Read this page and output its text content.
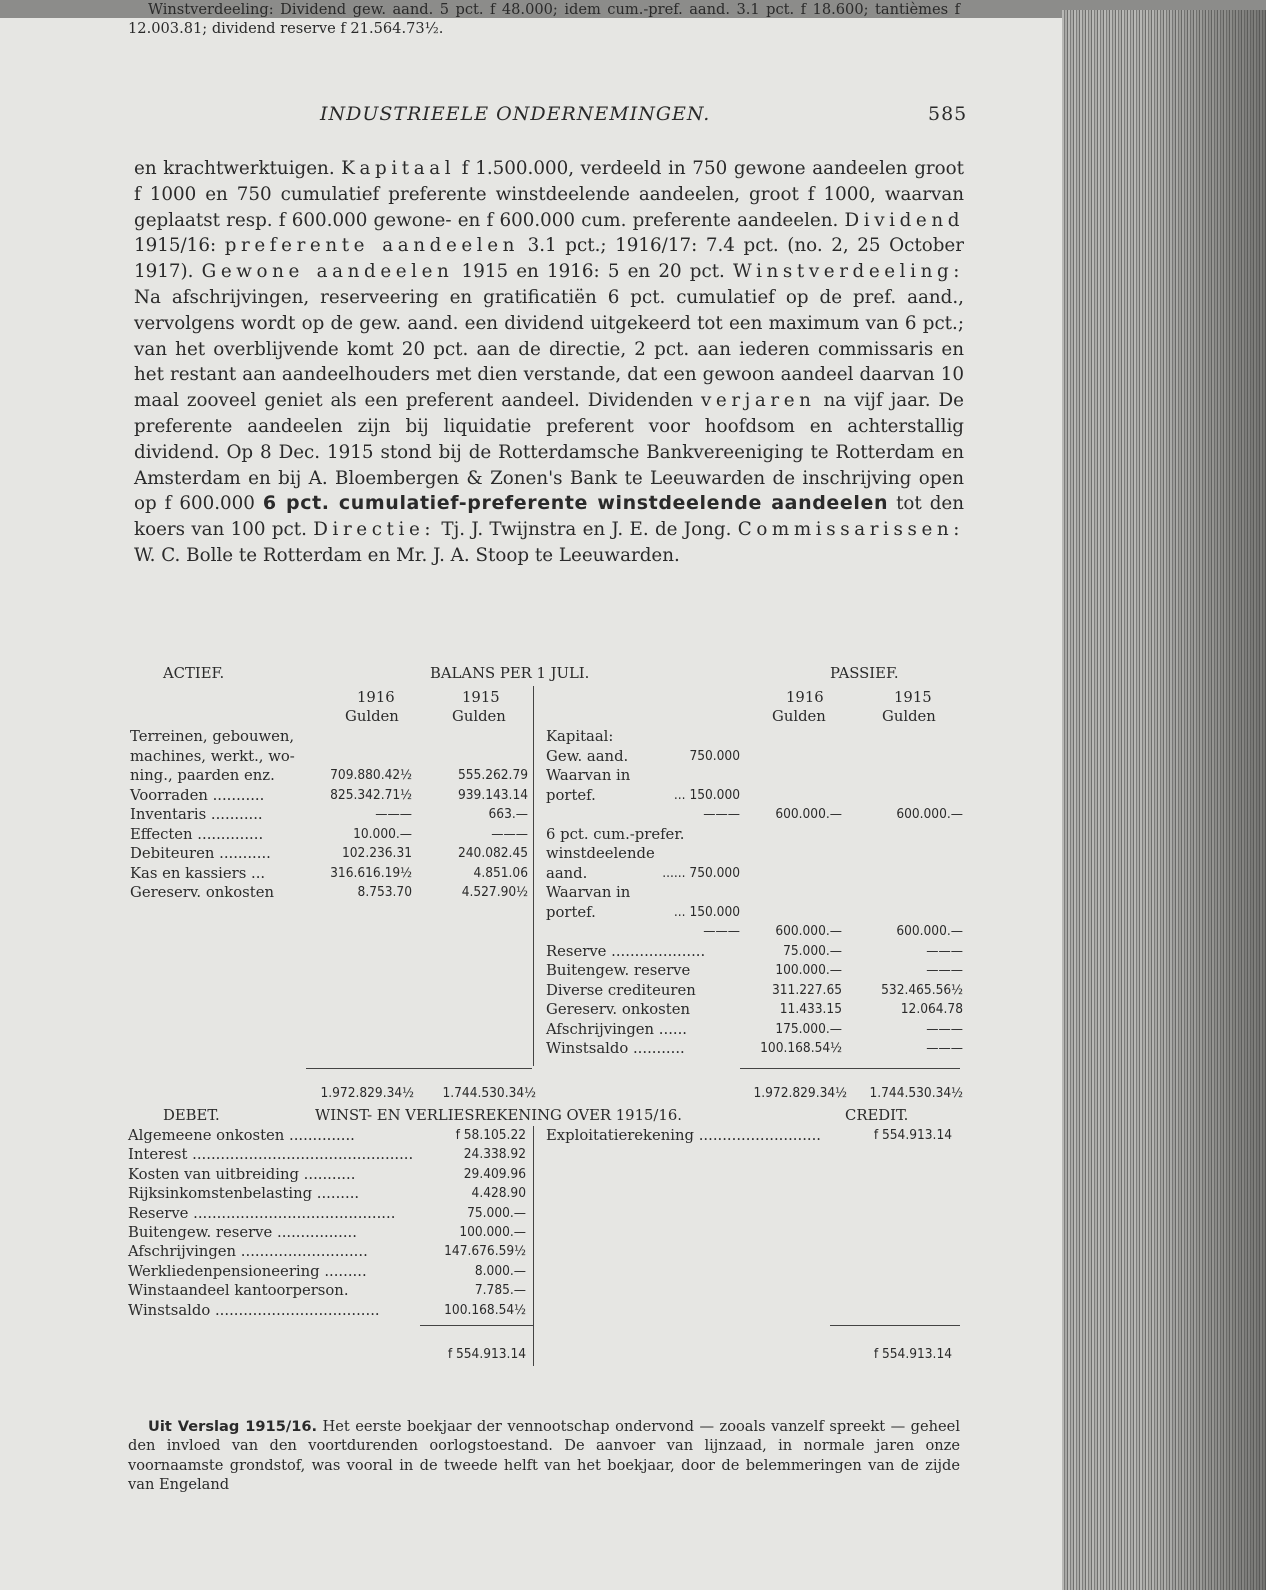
INDUSTRIEELE ONDERNEMINGEN.	585
en krachtwerktuigen. Kapitaal f 1.500.000, verdeeld in 750 gewone aandeelen groot f 1000 en 750 cumulatief preferente winstdeelende aandeelen, groot f 1000, waarvan geplaatst resp. f 600.000 gewone- en f 600.000 cum. preferente aandeelen. Dividend 1915/16: preferente aandeelen 3.1 pct.; 1916/17: 7.4 pct. (no. 2, 25 October 1917). Gewone aandeelen 1915 en 1916: 5 en 20 pct. Winstverdeeling: Na afschrijvingen, reserveering en gratificatiën 6 pct. cumulatief op de pref. aand., vervolgens wordt op de gew. aand. een dividend uitgekeerd tot een maximum van 6 pct.; van het overblijvende komt 20 pct. aan de directie, 2 pct. aan iederen commissaris en het restant aan aandeelhouders met dien verstande, dat een gewoon aandeel daarvan 10 maal zooveel geniet als een preferent aandeel. Dividenden verjaren na vijf jaar. De preferente aandeelen zijn bij liquidatie preferent voor hoofdsom en achterstallig dividend. Op 8 Dec. 1915 stond bij de Rotterdamsche Bankvereeniging te Rotterdam en Amsterdam en bij A. Bloembergen & Zonen's Bank te Leeuwarden de inschrijving open op f 600.000 6 pct. cumulatief-preferente winstdeelende aandeelen tot den koers van 100 pct. Directie: Tj. J. Twijnstra en J. E. de Jong. Commissarissen: W. C. Bolle te Rotterdam en Mr. J. A. Stoop te Leeuwarden.
ACTIEF.	BALANS PER 1 JULI.	PASSIEF.
1916	1915
Gulden	Gulden
1916	1915
Gulden	Gulden
Terreinen, gebouwen,
machines, werkt., wo-
ning., paarden enz.	709.880.42½	555.262.79
Voorraden ...........	825.342.71½	939.143.14
Inventaris ...........	———	663.—
Effecten ..............	10.000.—	———
Debiteuren ...........	102.236.31	240.082.45
Kas en kassiers ...	316.616.19½	4.851.06
Gereserv. onkosten	8.753.70	4.527.90½
Kapitaal:
Gew. aand.	750.000
Waarvan in
portef.	... 150.000
———	600.000.—	600.000.—
6 pct. cum.-prefer.
winstdeelende
aand.	...... 750.000
Waarvan in
portef.	... 150.000
———	600.000.—	600.000.—
Reserve ....................	75.000.—	———
Buitengew. reserve	100.000.—	———
Diverse crediteuren	311.227.65	532.465.56½
Gereserv. onkosten	11.433.15	12.064.78
Afschrijvingen ......	175.000.—	———
Winstsaldo ...........	100.168.54½	———
1.972.829.34½	1.744.530.34½	1.972.829.34½	1.744.530.34½
DEBET.	WINST- EN VERLIESREKENING OVER 1915/16.	CREDIT.
Algemeene onkosten ..............	f 58.105.22
Interest ...............................................	24.338.92
Kosten van uitbreiding ...........	29.409.96
Rijksinkomstenbelasting .........	4.428.90
Reserve ...........................................	75.000.—
Buitengew. reserve .................	100.000.—
Afschrijvingen ...........................	147.676.59½
Werkliedenpensioneering .........	8.000.—
Winstaandeel kantoorperson.	7.785.—
Winstsaldo ...................................	100.168.54½
Exploitatierekening ..........................	f 554.913.14
f 554.913.14	f 554.913.14
Winstverdeeling: Dividend gew. aand. 5 pct. f 48.000; idem cum.-pref. aand. 3.1 pct. f 18.600; tantièmes f 12.003.81; dividend reserve f 21.564.73½.
Uit Verslag 1915/16. Het eerste boekjaar der vennootschap ondervond — zooals vanzelf spreekt — geheel den invloed van den voortdurenden oorlogstoestand. De aanvoer van lijnzaad, in normale jaren onze voornaamste grondstof, was vooral in de tweede helft van het boekjaar, door de belemmeringen van de zijde van Engeland
